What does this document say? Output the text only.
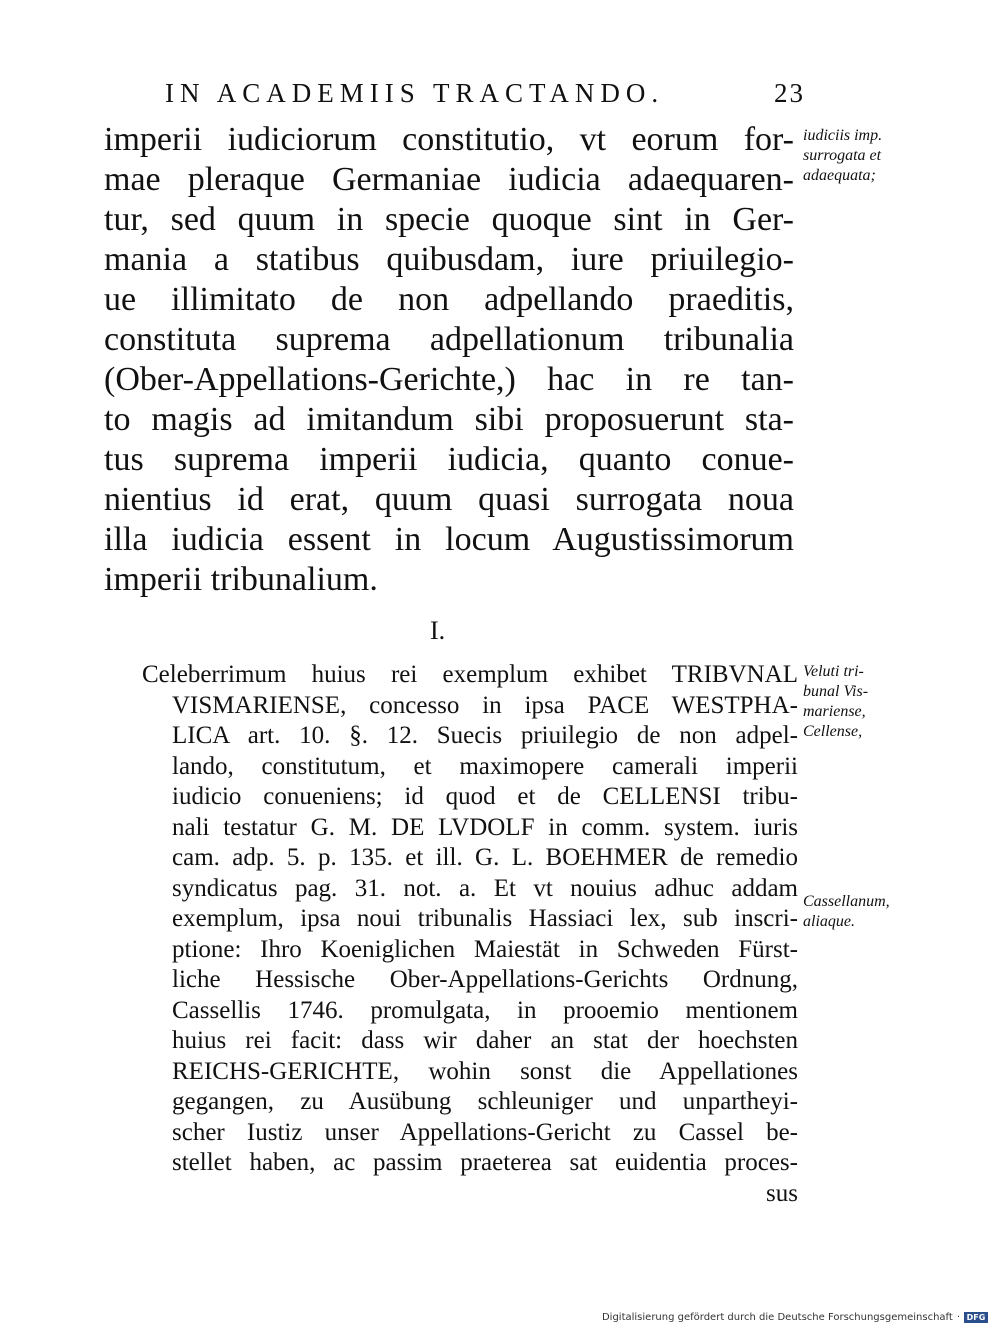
IN ACADEMIIS TRACTANDO.	23
imperii iudiciorum constitutio, vt eorum for-
mae pleraque Germaniae iudicia adaequaren-
tur, sed quum in specie quoque sint in Ger-
mania a statibus quibusdam, iure priuilegio-
ue illimitato de non adpellando praeditis,
constituta suprema adpellationum tribunalia
(Ober-Appellations-Gerichte,) hac in re tan-
to magis ad imitandum sibi proposuerunt sta-
tus suprema imperii iudicia, quanto conue-
nientius id erat, quum quasi surrogata noua
illa iudicia essent in locum Augustissimorum
imperii tribunalium.
iudiciis imp.
surrogata et
adaequata;
I.
Celeberrimum huius rei exemplum exhibet TRIBVNAL
VISMARIENSE, concesso in ipsa PACE WESTPHA-
LICA art. 10. §. 12. Suecis priuilegio de non adpel-
lando, constitutum, et maximopere camerali imperii
iudicio conueniens; id quod et de CELLENSI tribu-
nali testatur G. M. DE LVDOLF in comm. system. iuris
cam. adp. 5. p. 135. et ill. G. L. BOEHMER de remedio
syndicatus pag. 31. not. a. Et vt nouius adhuc addam
exemplum, ipsa noui tribunalis Hassiaci lex, sub inscri-
ptione: Ihro Koeniglichen Maiestät in Schweden Fürst-
liche Hessische Ober-Appellations-Gerichts Ordnung,
Cassellis 1746. promulgata, in prooemio mentionem
huius rei facit: dass wir daher an stat der hoechsten
REICHS-GERICHTE, wohin sonst die Appellationes
gegangen, zu Ausübung schleuniger und unpartheyi-
scher Iustiz unser Appellations-Gericht zu Cassel be-
stellet haben, ac passim praeterea sat euidentia proces-
sus
Veluti tri-
bunal Vis-
mariense,
Cellense,
Cassellanum,
aliaque.
Digitalisierung gefördert durch die Deutsche Forschungsgemeinschaft · DFG
